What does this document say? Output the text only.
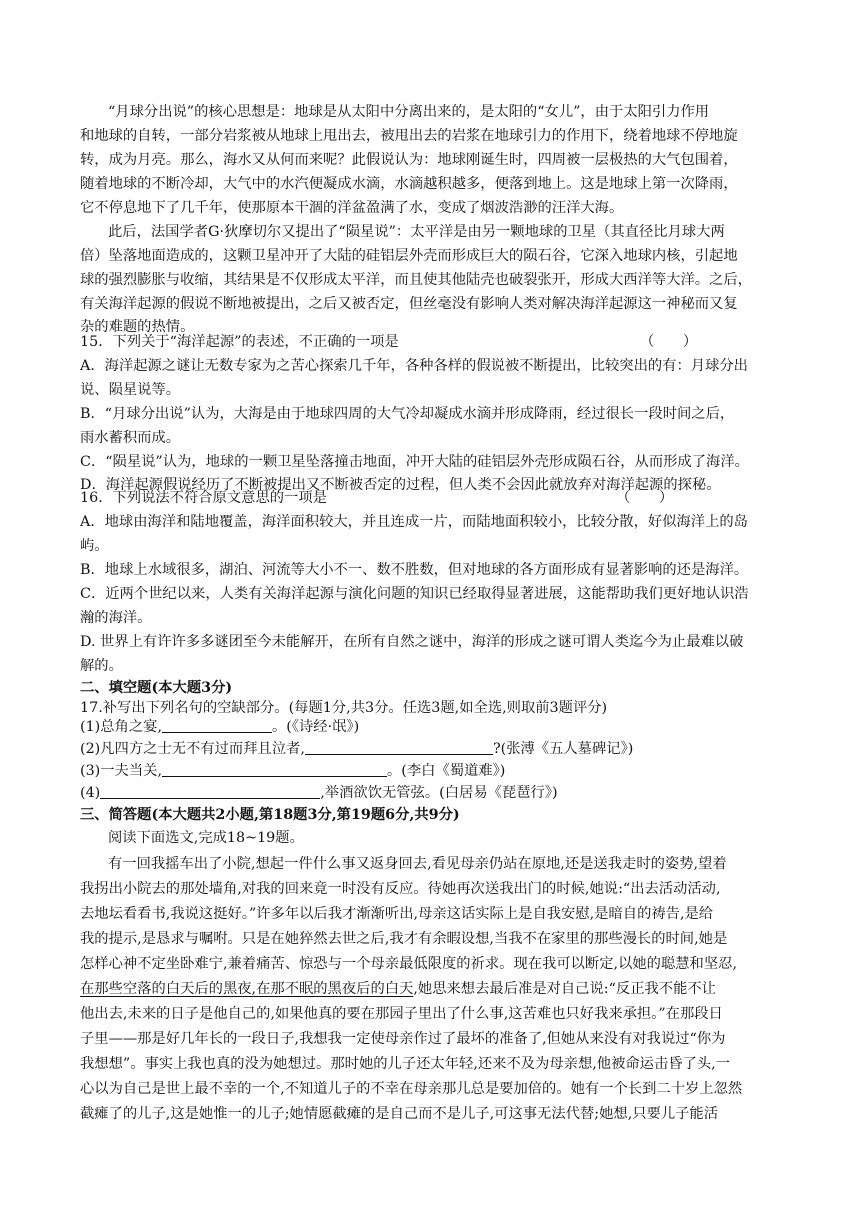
“月球分出说”的核心思想是：地球是从太阳中分离出来的，是太阳的“女儿”，由于太阳引力作用
和地球的自转，一部分岩浆被从地球上甩出去，被甩出去的岩浆在地球引力的作用下，绕着地球不停地旋
转，成为月亮。那么，海水又从何而来呢？此假说认为：地球刚诞生时，四周被一层极热的大气包围着，
随着地球的不断冷却，大气中的水汽便凝成水滴，水滴越积越多，便落到地上。这是地球上第一次降雨，
它不停息地下了几千年，使那原本干涸的洋盆盈满了水，变成了烟波浩渺的汪洋大海。
此后，法国学者G·狄摩切尔又提出了“陨星说”：太平洋是由另一颗地球的卫星（其直径比月球大两
倍）坠落地面造成的，这颗卫星冲开了大陆的硅铝层外壳而形成巨大的陨石谷，它深入地球内核，引起地
球的强烈膨胀与收缩，其结果是不仅形成太平洋，而且使其他陆壳也破裂张开，形成大西洋等大洋。之后，
有关海洋起源的假说不断地被提出，之后又被否定，但丝毫没有影响人类对解决海洋起源这一神秘而又复
杂的难题的热情。
15．下列关于“海洋起源”的表述，不正确的一项是	（　　）
A．海洋起源之谜让无数专家为之苦心探索几千年，各种各样的假说被不断提出，比较突出的有：月球分出
说、陨星说等。
B．“月球分出说”认为，大海是由于地球四周的大气冷却凝成水滴并形成降雨，经过很长一段时间之后，
雨水蓄积而成。
C．“陨星说”认为，地球的一颗卫星坠落撞击地面，冲开大陆的硅铝层外壳形成陨石谷，从而形成了海洋。
D．海洋起源假说经历了不断被提出又不断被否定的过程，但人类不会因此就放弃对海洋起源的探秘。
16．下列说法不符合原文意思的一项是	（　　）
A．地球由海洋和陆地覆盖，海洋面积较大，并且连成一片，而陆地面积较小，比较分散，好似海洋上的岛
屿。
B．地球上水域很多，湖泊、河流等大小不一、数不胜数，但对地球的各方面形成有显著影响的还是海洋。
C．近两个世纪以来，人类有关海洋起源与演化问题的知识已经取得显著进展，这能帮助我们更好地认识浩
瀚的海洋。
D. 世界上有许许多多谜团至今未能解开，在所有自然之谜中，海洋的形成之谜可谓人类迄今为止最难以破
解的。
二、填空题(本大题3分)
17.补写出下列名句的空缺部分。(每题1分,共3分。任选3题,如全选,则取前3题评分)
(1)总角之宴,	。(《诗经·氓》)
(2)凡四方之士无不有过而拜且泣者,	?(张溥《五人墓碑记》)
(3)一夫当关,	。(李白《蜀道难》)
(4)	,举酒欲饮无管弦。(白居易《琵琶行》)
三、简答题(本大题共2小题,第18题3分,第19题6分,共9分)
阅读下面选文,完成18~19题。
有一回我摇车出了小院,想起一件什么事又返身回去,看见母亲仍站在原地,还是送我走时的姿势,望着
我拐出小院去的那处墙角,对我的回来竟一时没有反应。待她再次送我出门的时候,她说:“出去活动活动,
去地坛看看书,我说这挺好。”许多年以后我才渐渐听出,母亲这话实际上是自我安慰,是暗自的祷告,是给
我的提示,是恳求与嘱咐。只是在她猝然去世之后,我才有余暇设想,当我不在家里的那些漫长的时间,她是
怎样心神不定坐卧难宁,兼着痛苦、惊恐与一个母亲最低限度的祈求。现在我可以断定,以她的聪慧和坚忍,
在那些空落的白天后的黑夜,在那不眠的黑夜后的白天,她思来想去最后准是对自己说:“反正我不能不让
他出去,未来的日子是他自己的,如果他真的要在那园子里出了什么事,这苦难也只好我来承担。”在那段日
子里——那是好几年长的一段日子,我想我一定使母亲作过了最坏的准备了,但她从来没有对我说过“你为
我想想”。事实上我也真的没为她想过。那时她的儿子还太年轻,还来不及为母亲想,他被命运击昏了头,一
心以为自己是世上最不幸的一个,不知道儿子的不幸在母亲那儿总是要加倍的。她有一个长到二十岁上忽然
截瘫了的儿子,这是她惟一的儿子;她情愿截瘫的是自己而不是儿子,可这事无法代替;她想,只要儿子能活
